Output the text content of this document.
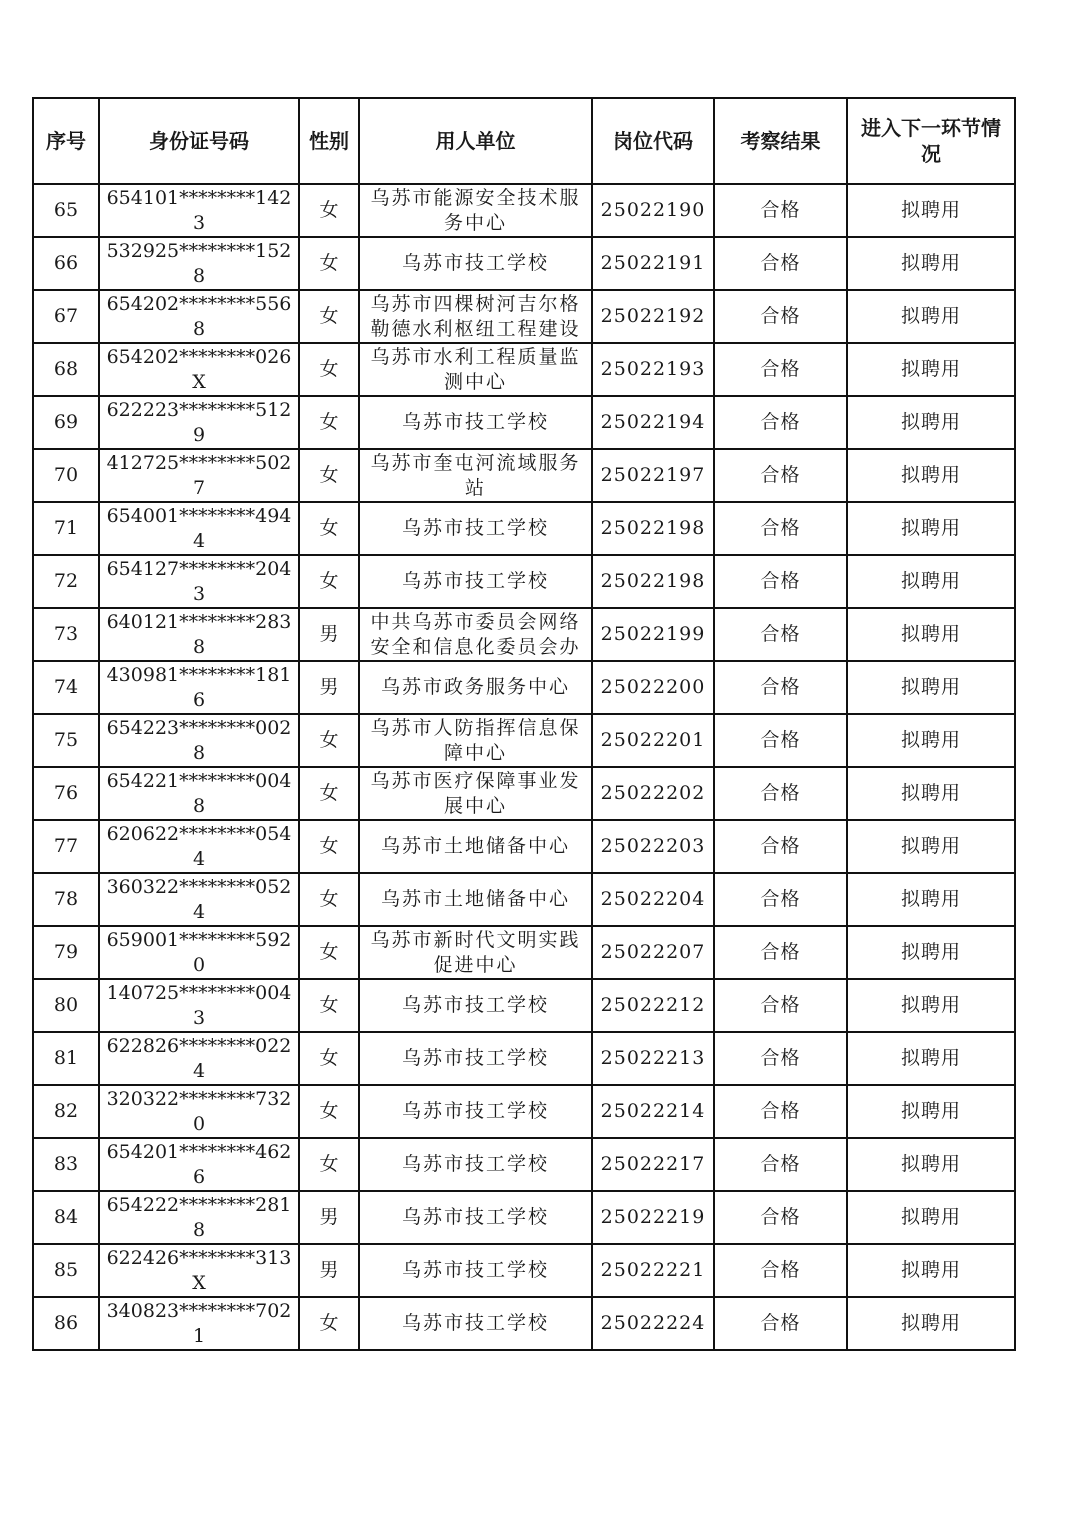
序号	身份证号码	性别	用人单位	岗位代码	考察结果	进入下一环节情况
65	654101********1423	女	乌苏市能源安全技术服务中心	25022190	合格	拟聘用
66	532925********1528	女	乌苏市技工学校	25022191	合格	拟聘用
67	654202********5568	女	乌苏市四棵树河吉尔格勒德水利枢纽工程建设	25022192	合格	拟聘用
68	654202********026X	女	乌苏市水利工程质量监测中心	25022193	合格	拟聘用
69	622223********5129	女	乌苏市技工学校	25022194	合格	拟聘用
70	412725********5027	女	乌苏市奎屯河流域服务站	25022197	合格	拟聘用
71	654001********4944	女	乌苏市技工学校	25022198	合格	拟聘用
72	654127********2043	女	乌苏市技工学校	25022198	合格	拟聘用
73	640121********2838	男	中共乌苏市委员会网络安全和信息化委员会办	25022199	合格	拟聘用
74	430981********1816	男	乌苏市政务服务中心	25022200	合格	拟聘用
75	654223********0028	女	乌苏市人防指挥信息保障中心	25022201	合格	拟聘用
76	654221********0048	女	乌苏市医疗保障事业发展中心	25022202	合格	拟聘用
77	620622********0544	女	乌苏市土地储备中心	25022203	合格	拟聘用
78	360322********0524	女	乌苏市土地储备中心	25022204	合格	拟聘用
79	659001********5920	女	乌苏市新时代文明实践促进中心	25022207	合格	拟聘用
80	140725********0043	女	乌苏市技工学校	25022212	合格	拟聘用
81	622826********0224	女	乌苏市技工学校	25022213	合格	拟聘用
82	320322********7320	女	乌苏市技工学校	25022214	合格	拟聘用
83	654201********4626	女	乌苏市技工学校	25022217	合格	拟聘用
84	654222********2818	男	乌苏市技工学校	25022219	合格	拟聘用
85	622426********313X	男	乌苏市技工学校	25022221	合格	拟聘用
86	340823********7021	女	乌苏市技工学校	25022224	合格	拟聘用
